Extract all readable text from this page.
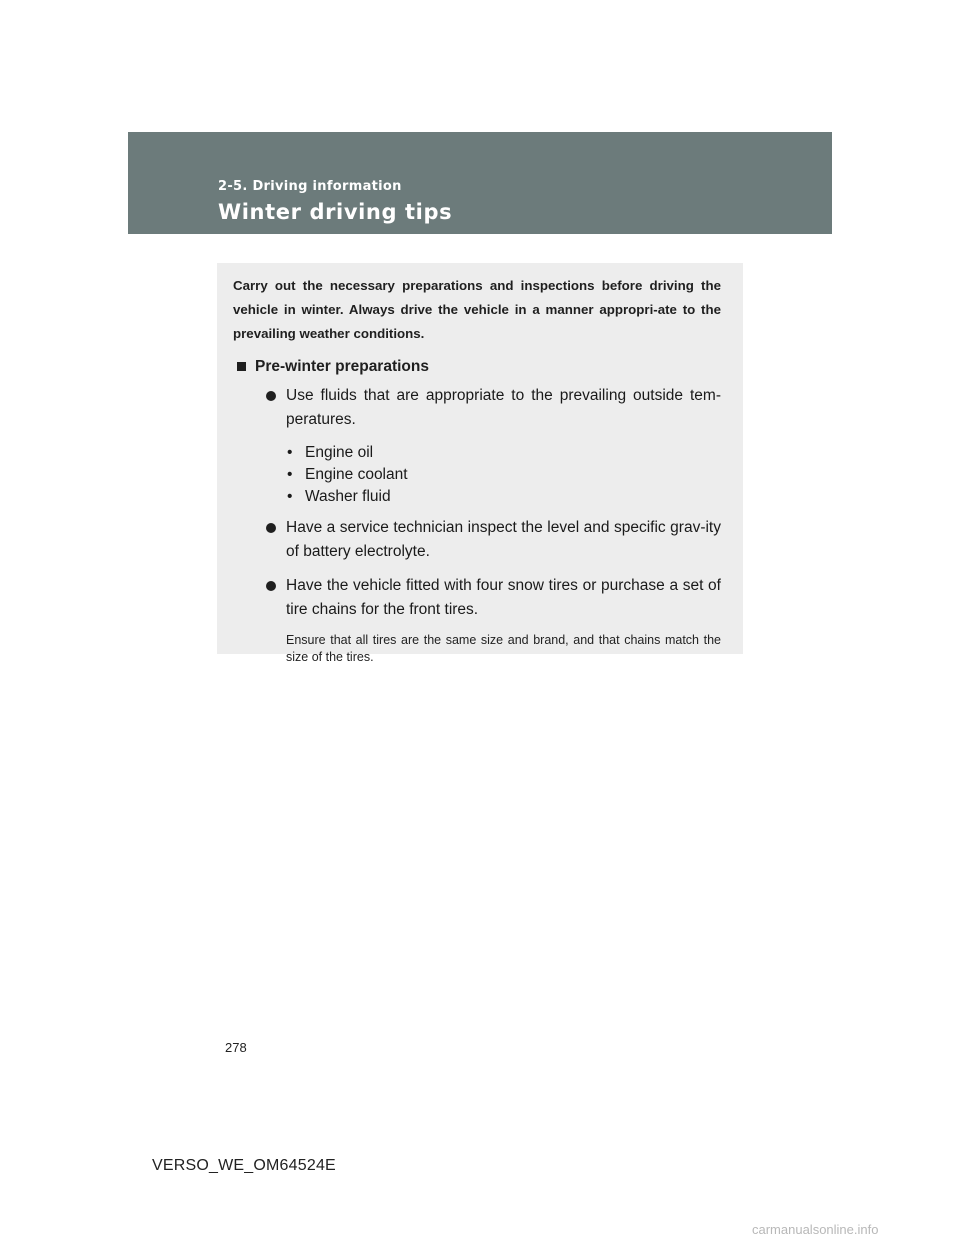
2-5. Driving information
Winter driving tips

Carry out the necessary preparations and inspections before driving the vehicle in winter. Always drive the vehicle in a manner appropri-ate to the prevailing weather conditions.

Pre-winter preparations
Use fluids that are appropriate to the prevailing outside tem-peratures.
• Engine oil
• Engine coolant
• Washer fluid
Have a service technician inspect the level and specific grav-ity of battery electrolyte.
Have the vehicle fitted with four snow tires or purchase a set of tire chains for the front tires.
Ensure that all tires are the same size and brand, and that chains match the size of the tires.
278
VERSO_WE_OM64524E
carmanualsonline.info
